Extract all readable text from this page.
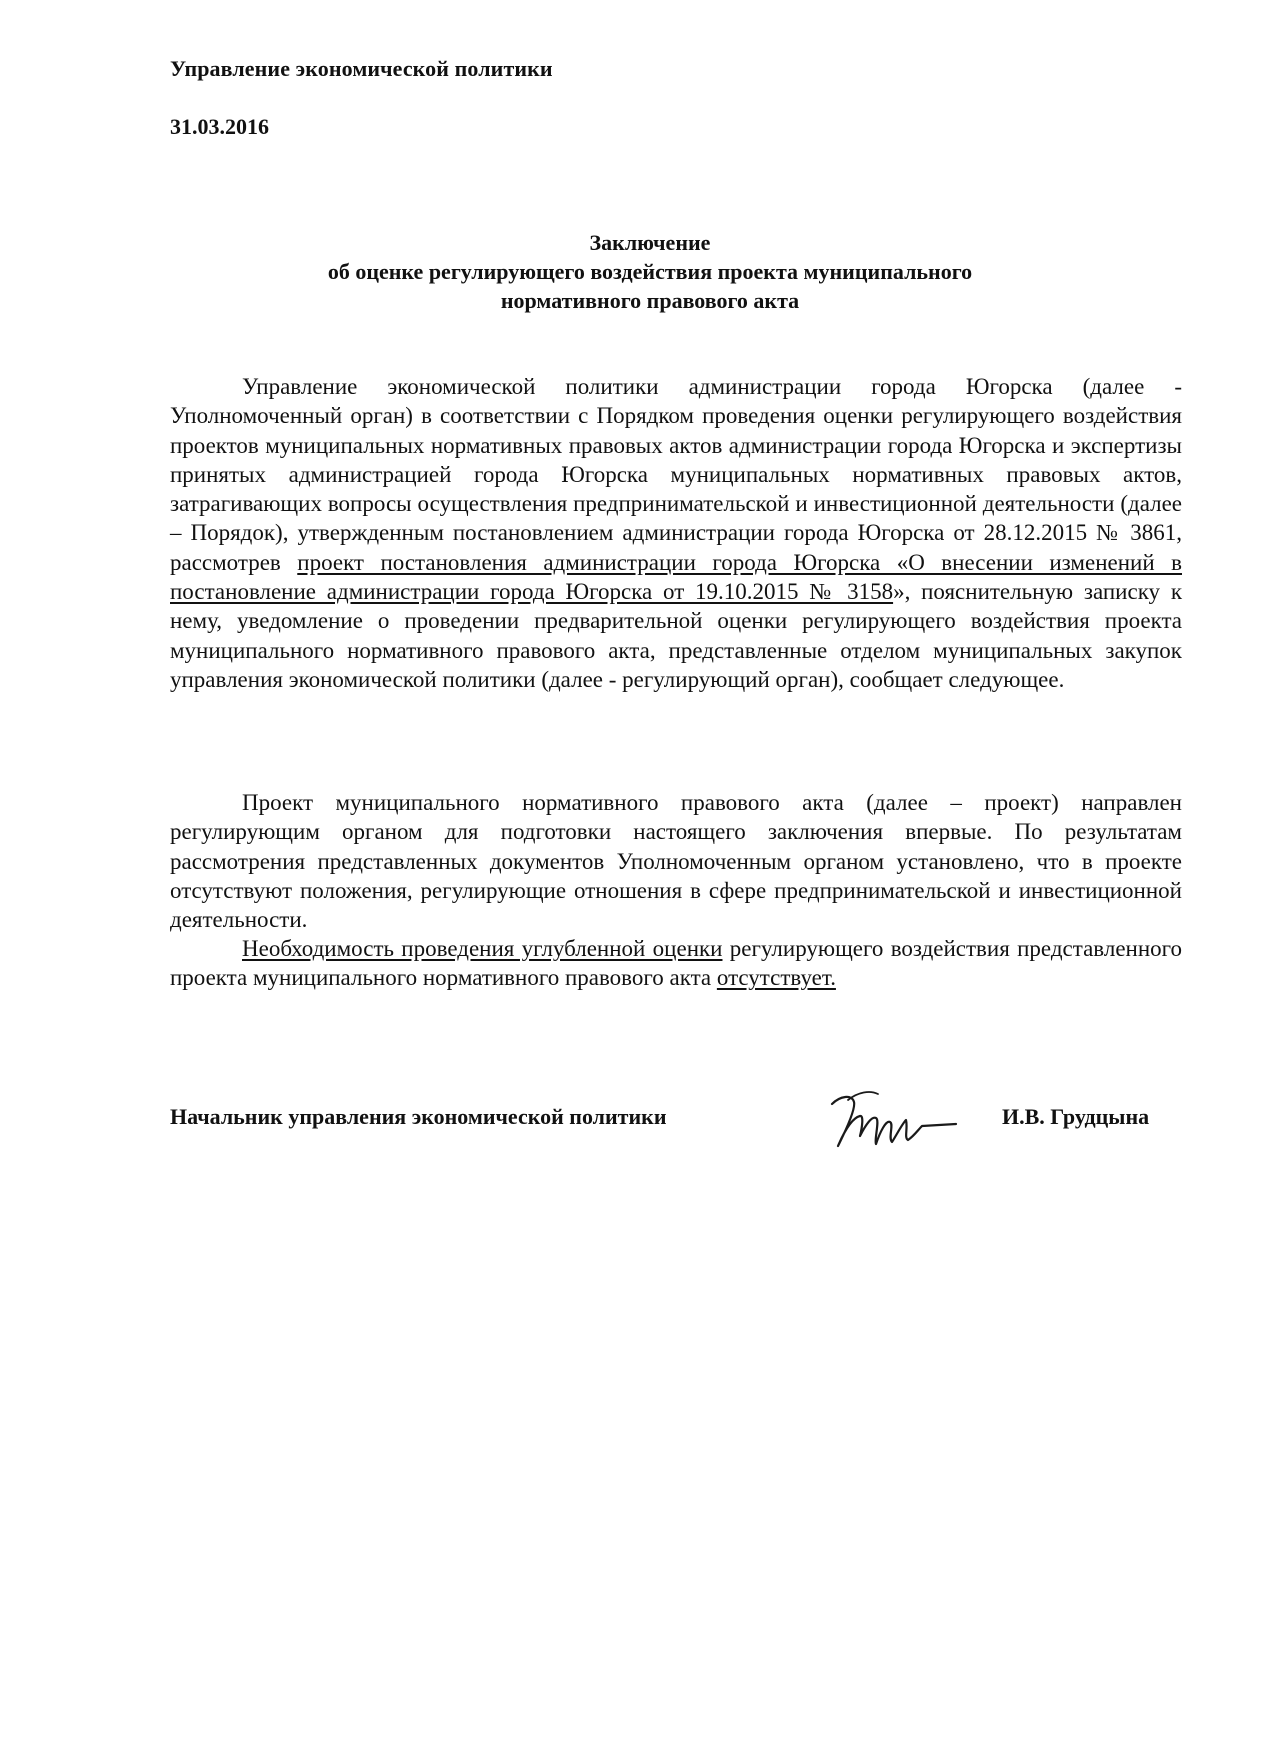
Управление экономической политики
31.03.2016
Заключение
об оценке регулирующего воздействия проекта муниципального
нормативного правового акта
Управление экономической политики администрации города Югорска (далее - Уполномоченный орган) в соответствии с Порядком проведения оценки регулирующего воздействия проектов муниципальных нормативных правовых актов администрации города Югорска и экспертизы принятых администрацией города Югорска муниципальных нормативных правовых актов, затрагивающих вопросы осуществления предпринимательской и инвестиционной деятельности (далее – Порядок), утвержденным постановлением администрации города Югорска от 28.12.2015 № 3861, рассмотрев проект постановления администрации города Югорска «О внесении изменений в постановление администрации города Югорска от 19.10.2015 № 3158», пояснительную записку к нему, уведомление о проведении предварительной оценки регулирующего воздействия проекта муниципального нормативного правового акта, представленные отделом муниципальных закупок управления экономической политики (далее - регулирующий орган), сообщает следующее.
Проект муниципального нормативного правового акта (далее – проект) направлен регулирующим органом для подготовки настоящего заключения впервые. По результатам рассмотрения представленных документов Уполномоченным органом установлено, что в проекте отсутствуют положения, регулирующие отношения в сфере предпринимательской и инвестиционной деятельности.
Необходимость проведения углубленной оценки регулирующего воздействия представленного проекта муниципального нормативного правового акта отсутствует.
Начальник управления экономической политики	И.В. Грудцына
